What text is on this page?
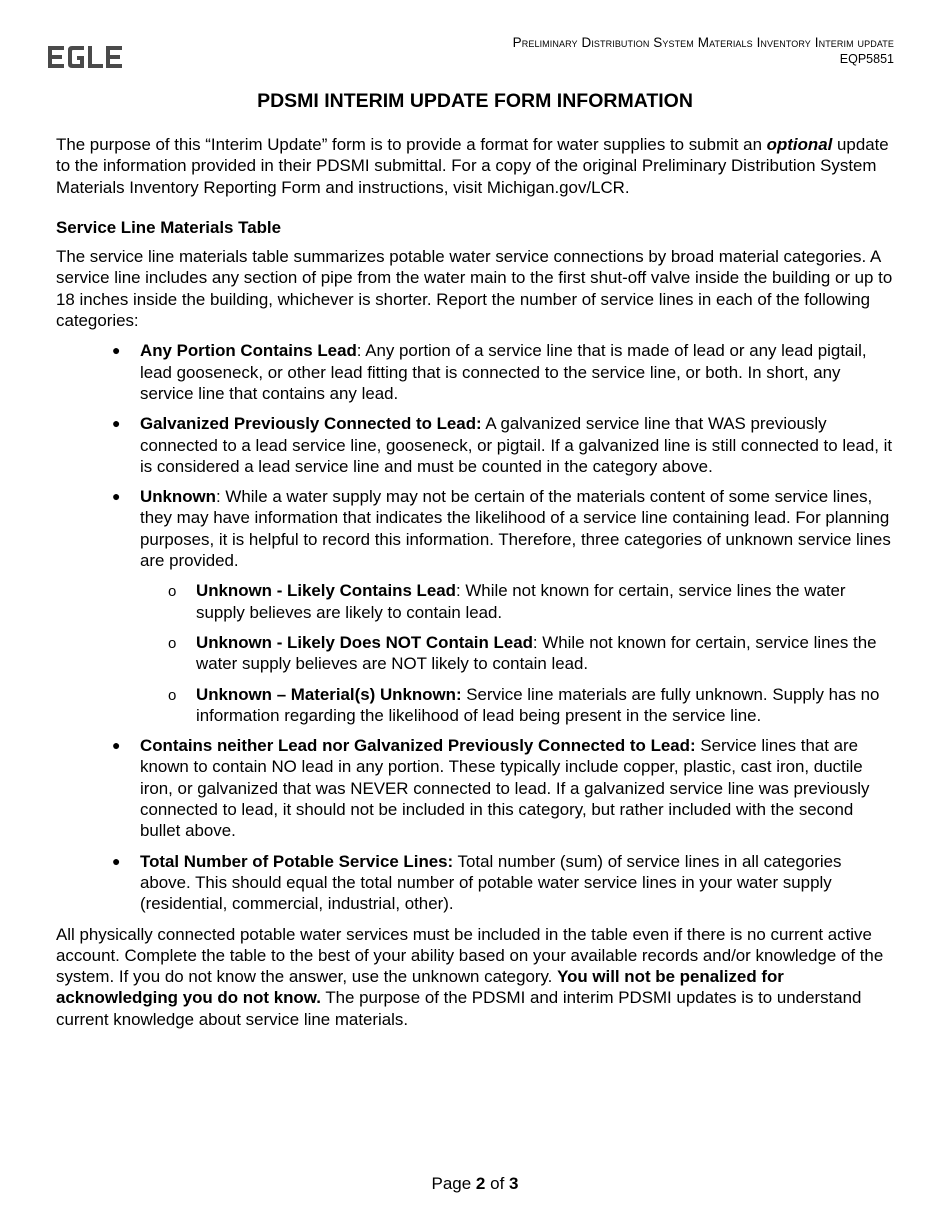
Preliminary Distribution System Materials Inventory Interim update
EQP5851
PDSMI INTERIM UPDATE FORM INFORMATION

The purpose of this “Interim Update” form is to provide a format for water supplies to submit an optional update to the information provided in their PDSMI submittal. For a copy of the original Preliminary Distribution System Materials Inventory Reporting Form and instructions, visit Michigan.gov/LCR.

Service Line Materials Table

The service line materials table summarizes potable water service connections by broad material categories. A service line includes any section of pipe from the water main to the first shut-off valve inside the building or up to 18 inches inside the building, whichever is shorter. Report the number of service lines in each of the following categories:

● Any Portion Contains Lead: Any portion of a service line that is made of lead or any lead pigtail, lead gooseneck, or other lead fitting that is connected to the service line, or both. In short, any service line that contains any lead.
● Galvanized Previously Connected to Lead: A galvanized service line that WAS previously connected to a lead service line, gooseneck, or pigtail. If a galvanized line is still connected to lead, it is considered a lead service line and must be counted in the category above.
● Unknown: While a water supply may not be certain of the materials content of some service lines, they may have information that indicates the likelihood of a service line containing lead. For planning purposes, it is helpful to record this information. Therefore, three categories of unknown service lines are provided.
o Unknown - Likely Contains Lead: While not known for certain, service lines the water supply believes are likely to contain lead.
o Unknown - Likely Does NOT Contain Lead: While not known for certain, service lines the water supply believes are NOT likely to contain lead.
o Unknown – Material(s) Unknown: Service line materials are fully unknown. Supply has no information regarding the likelihood of lead being present in the service line.
● Contains neither Lead nor Galvanized Previously Connected to Lead: Service lines that are known to contain NO lead in any portion. These typically include copper, plastic, cast iron, ductile iron, or galvanized that was NEVER connected to lead. If a galvanized service line was previously connected to lead, it should not be included in this category, but rather included with the second bullet above.
● Total Number of Potable Service Lines: Total number (sum) of service lines in all categories above. This should equal the total number of potable water service lines in your water supply (residential, commercial, industrial, other).

All physically connected potable water services must be included in the table even if there is no current active account. Complete the table to the best of your ability based on your available records and/or knowledge of the system. If you do not know the answer, use the unknown category. You will not be penalized for acknowledging you do not know. The purpose of the PDSMI and interim PDSMI updates is to understand current knowledge about service line materials.

Page 2 of 3
